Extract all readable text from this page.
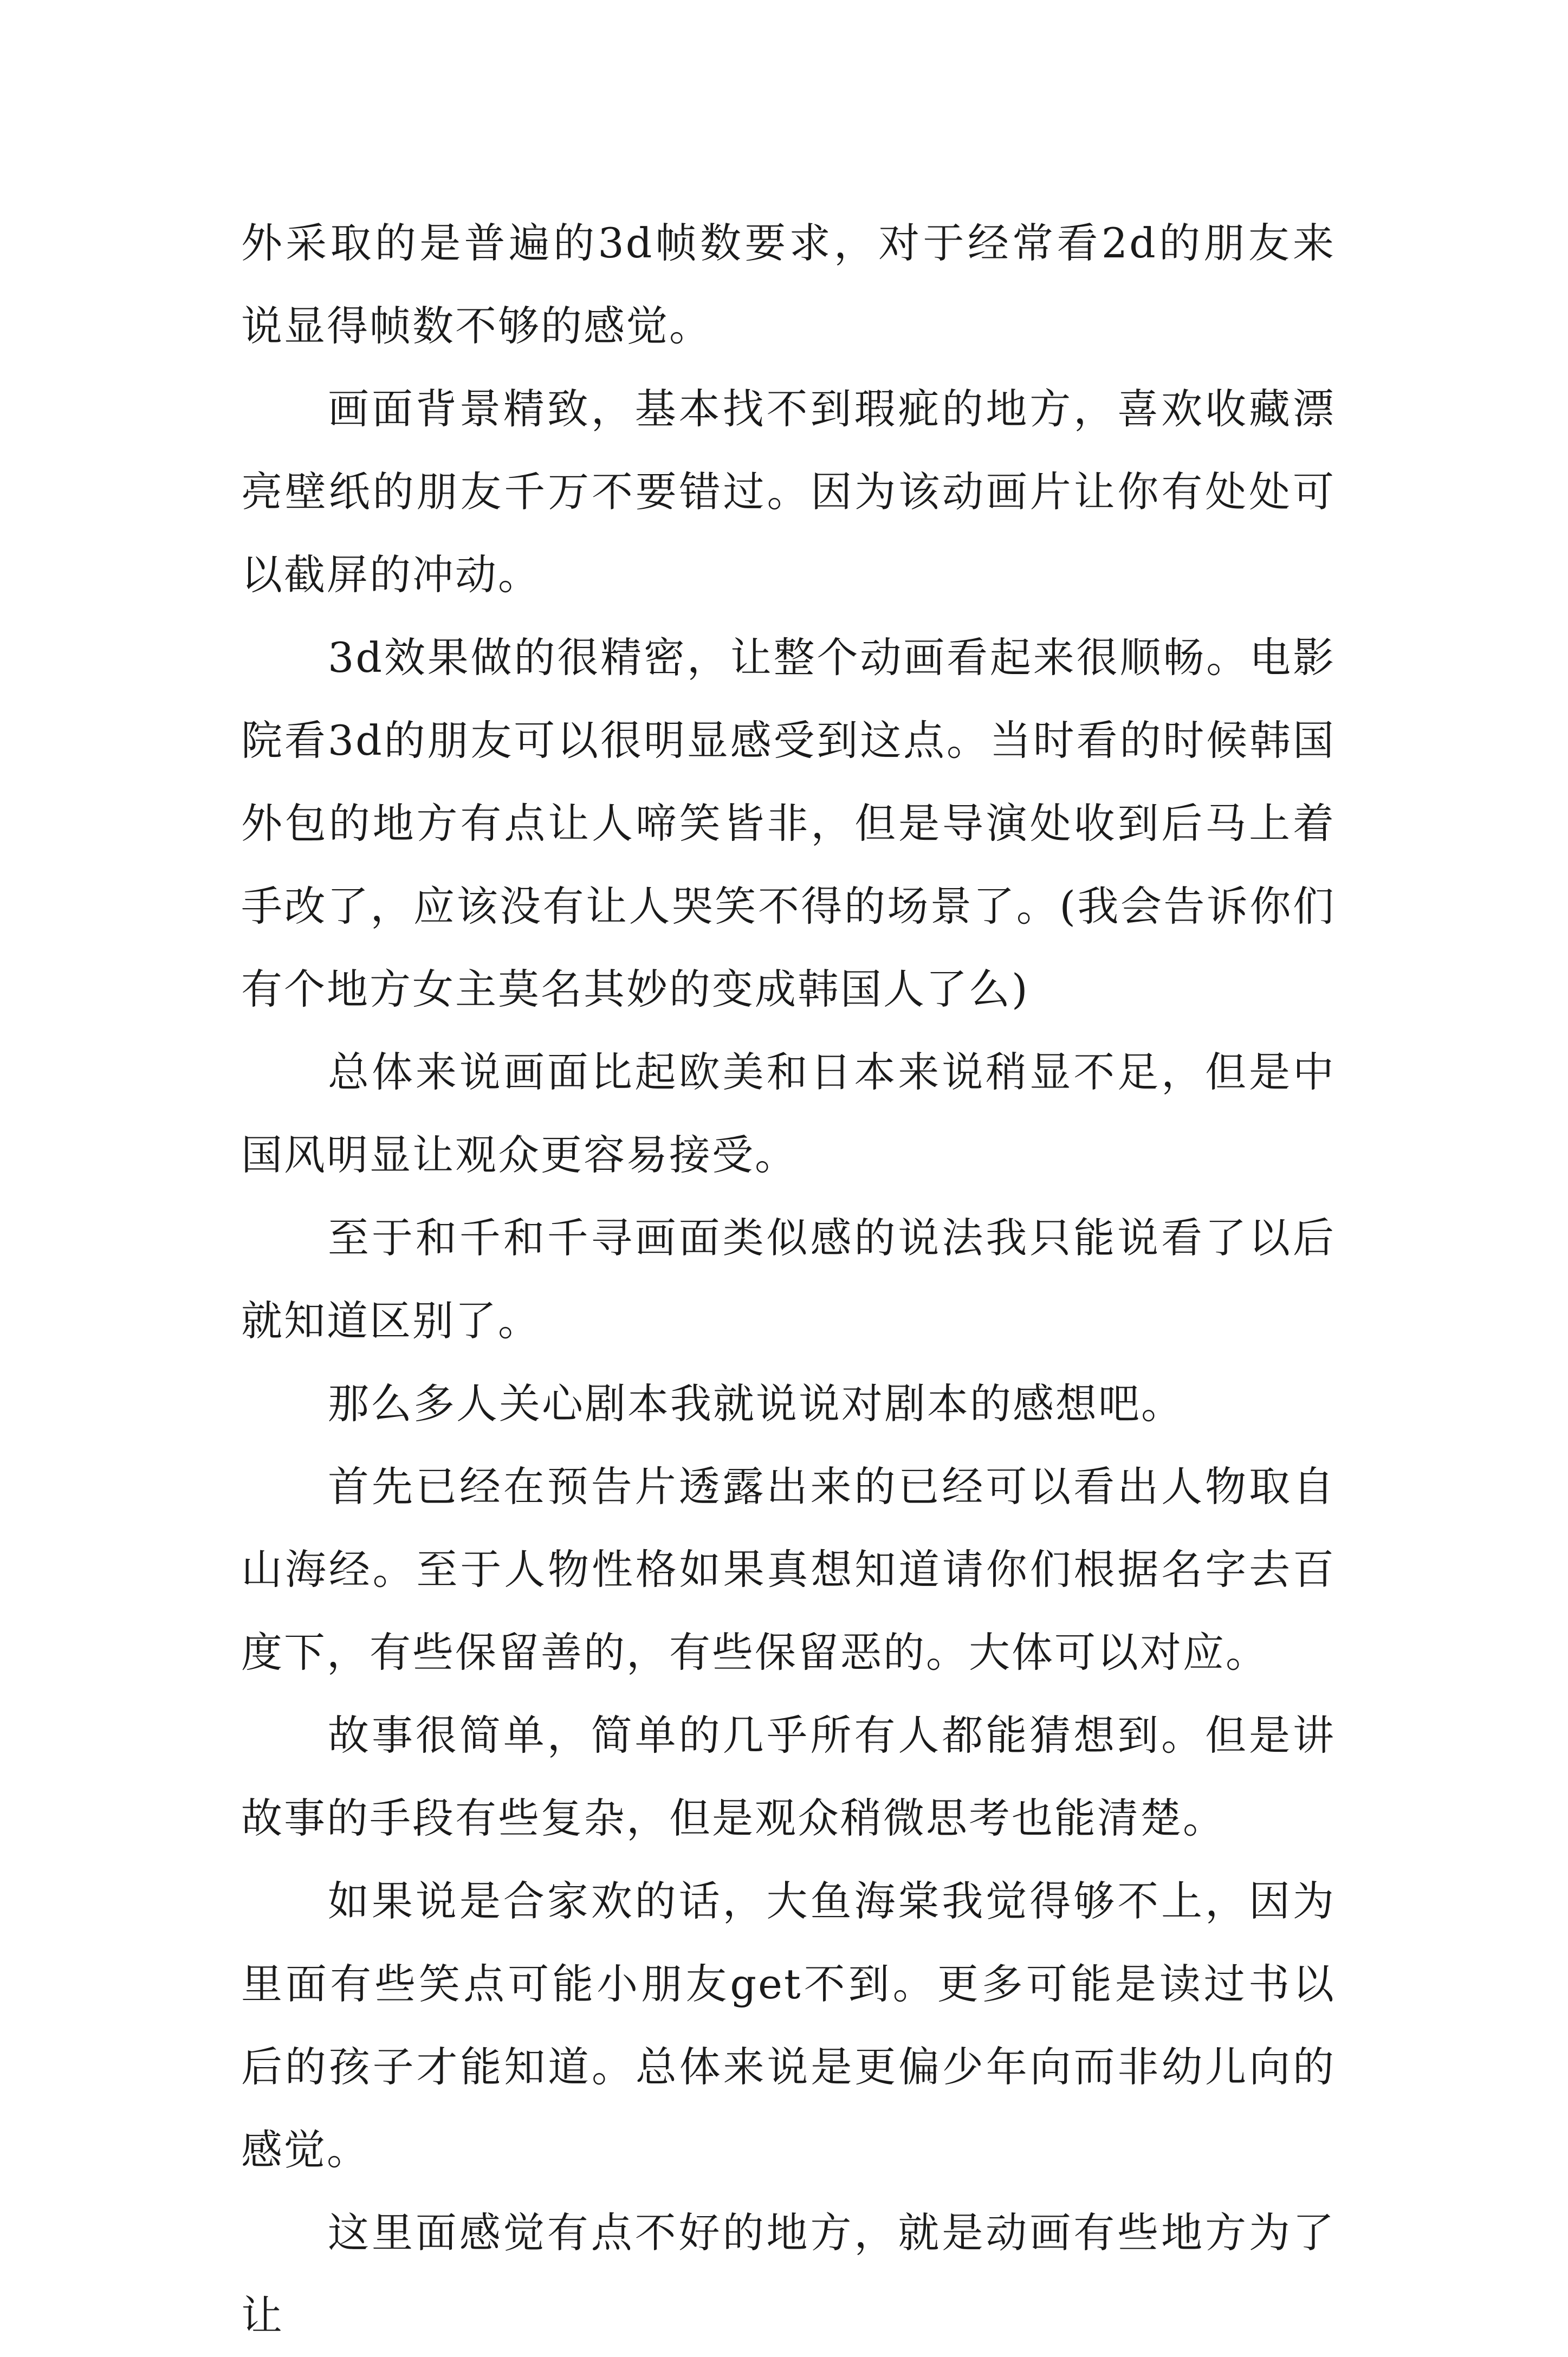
外采取的是普遍的3d帧数要求，对于经常看2d的朋友来说显得帧数不够的感觉。

画面背景精致，基本找不到瑕疵的地方，喜欢收藏漂亮壁纸的朋友千万不要错过。因为该动画片让你有处处可以截屏的冲动。

3d效果做的很精密，让整个动画看起来很顺畅。电影院看3d的朋友可以很明显感受到这点。当时看的时候韩国外包的地方有点让人啼笑皆非，但是导演处收到后马上着手改了，应该没有让人哭笑不得的场景了。(我会告诉你们有个地方女主莫名其妙的变成韩国人了么)

总体来说画面比起欧美和日本来说稍显不足，但是中国风明显让观众更容易接受。

至于和千和千寻画面类似感的说法我只能说看了以后就知道区别了。

那么多人关心剧本我就说说对剧本的感想吧。

首先已经在预告片透露出来的已经可以看出人物取自山海经。至于人物性格如果真想知道请你们根据名字去百度下，有些保留善的，有些保留恶的。大体可以对应。

故事很简单，简单的几乎所有人都能猜想到。但是讲故事的手段有些复杂，但是观众稍微思考也能清楚。

如果说是合家欢的话，大鱼海棠我觉得够不上，因为里面有些笑点可能小朋友get不到。更多可能是读过书以后的孩子才能知道。总体来说是更偏少年向而非幼儿向的感觉。

这里面感觉有点不好的地方，就是动画有些地方为了让
